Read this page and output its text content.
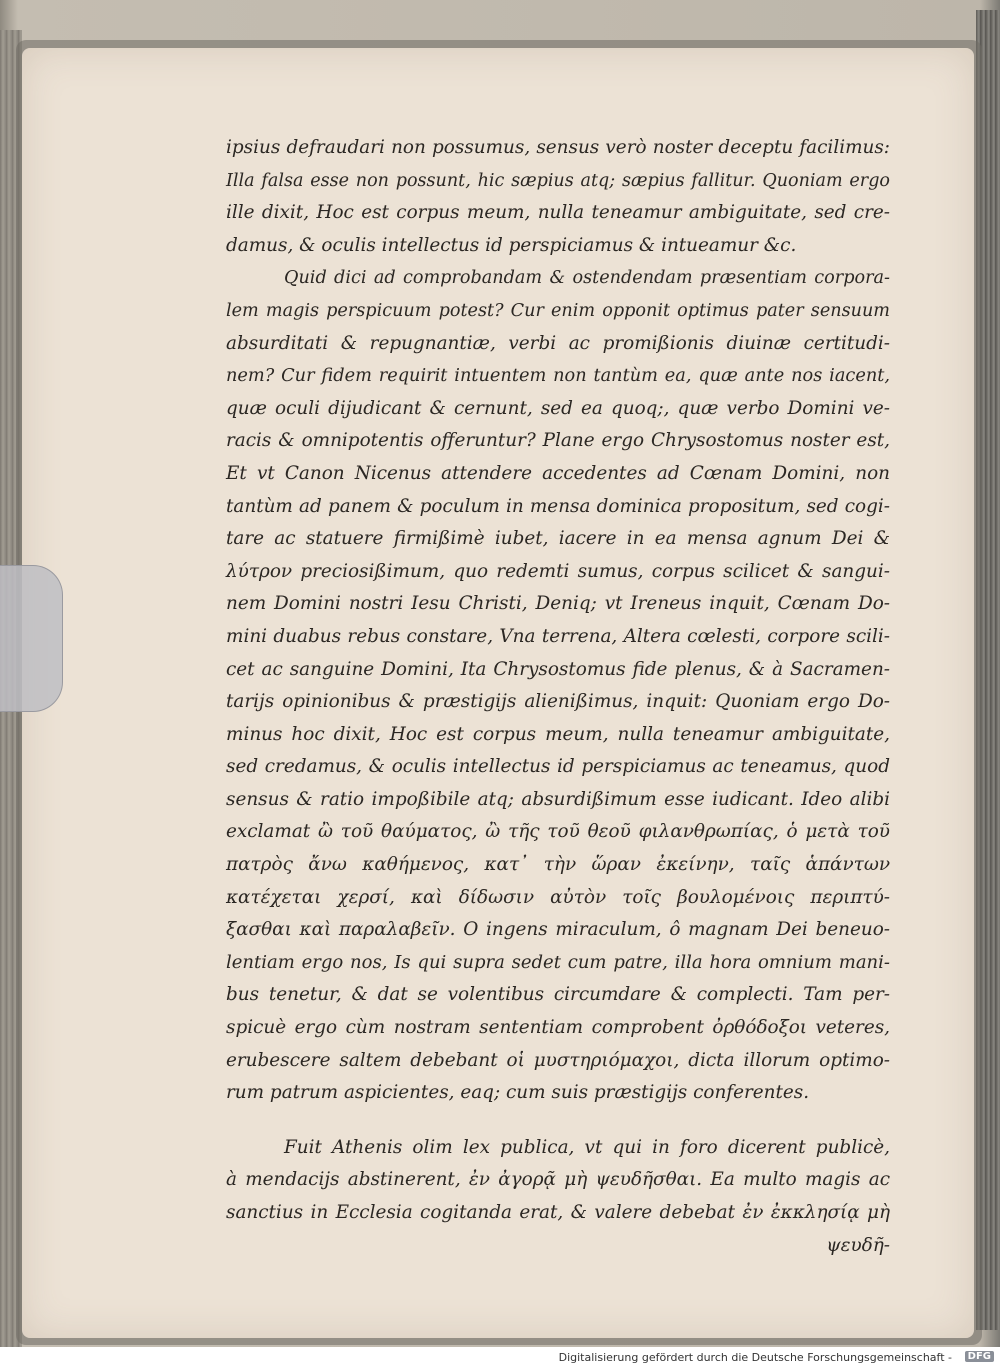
ipsius defraudari non possumus, sensus verò noster deceptu facilimus:
Illa falsa esse non possunt, hic sæpius atq; sæpius fallitur. Quoniam ergo
ille dixit, Hoc est corpus meum, nulla teneamur ambiguitate, sed cre-
damus, & oculis intellectus id perspiciamus & intueamur &c.
Quid dici ad comprobandam & ostendendam præsentiam corpora-
lem magis perspicuum potest? Cur enim opponit optimus pater sensuum
absurditati & repugnantiæ, verbi ac promißionis diuinæ certitudi-
nem? Cur fidem requirit intuentem non tantùm ea, quæ ante nos iacent,
quæ oculi dijudicant & cernunt, sed ea quoq;, quæ verbo Domini ve-
racis & omnipotentis offeruntur? Plane ergo Chrysostomus noster est,
Et vt Canon Nicenus attendere accedentes ad Cœnam Domini, non
tantùm ad panem & poculum in mensa dominica propositum, sed cogi-
tare ac statuere firmißimè iubet, iacere in ea mensa agnum Dei &
λύτρον preciosißimum, quo redemti sumus, corpus scilicet & sangui-
nem Domini nostri Iesu Christi, Deniq; vt Ireneus inquit, Cœnam Do-
mini duabus rebus constare, Vna terrena, Altera cœlesti, corpore scili-
cet ac sanguine Domini, Ita Chrysostomus fide plenus, & à Sacramen-
tarijs opinionibus & præstigijs alienißimus, inquit: Quoniam ergo Do-
minus hoc dixit, Hoc est corpus meum, nulla teneamur ambiguitate,
sed credamus, & oculis intellectus id perspiciamus ac teneamus, quod
sensus & ratio impoßibile atq; absurdißimum esse iudicant. Ideo alibi
exclamat ὢ τοῦ θαύματος, ὢ τῆς τοῦ θεοῦ φιλανθρωπίας, ὁ μετὰ τοῦ
πατρὸς ἄνω καθήμενος, κατ᾽ τὴν ὥραν ἐκείνην, ταῖς ἁπάντων
κατέχεται χερσί, καὶ δίδωσιν αὐτὸν τοῖς βουλομένοις περιπτύ-
ξασθαι καὶ παραλαβεῖν. O ingens miraculum, ô magnam Dei beneuo-
lentiam ergo nos, Is qui supra sedet cum patre, illa hora omnium mani-
bus tenetur, & dat se volentibus circumdare & complecti. Tam per-
spicuè ergo cùm nostram sententiam comprobent ὀρθόδοξοι veteres,
erubescere saltem debebant οἱ μυστηριόμαχοι, dicta illorum optimo-
rum patrum aspicientes, eaq; cum suis præstigijs conferentes.
Fuit Athenis olim lex publica, vt qui in foro dicerent publicè,
à mendacijs abstinerent, ἐν ἀγορᾷ μὴ ψευδῆσθαι. Ea multo magis ac
sanctius in Ecclesia cogitanda erat, & valere debebat ἐν ἐκκλησίᾳ μὴ
ψευδῆ-
Digitalisierung gefördert durch die Deutsche Forschungsgemeinschaft -	DFG
